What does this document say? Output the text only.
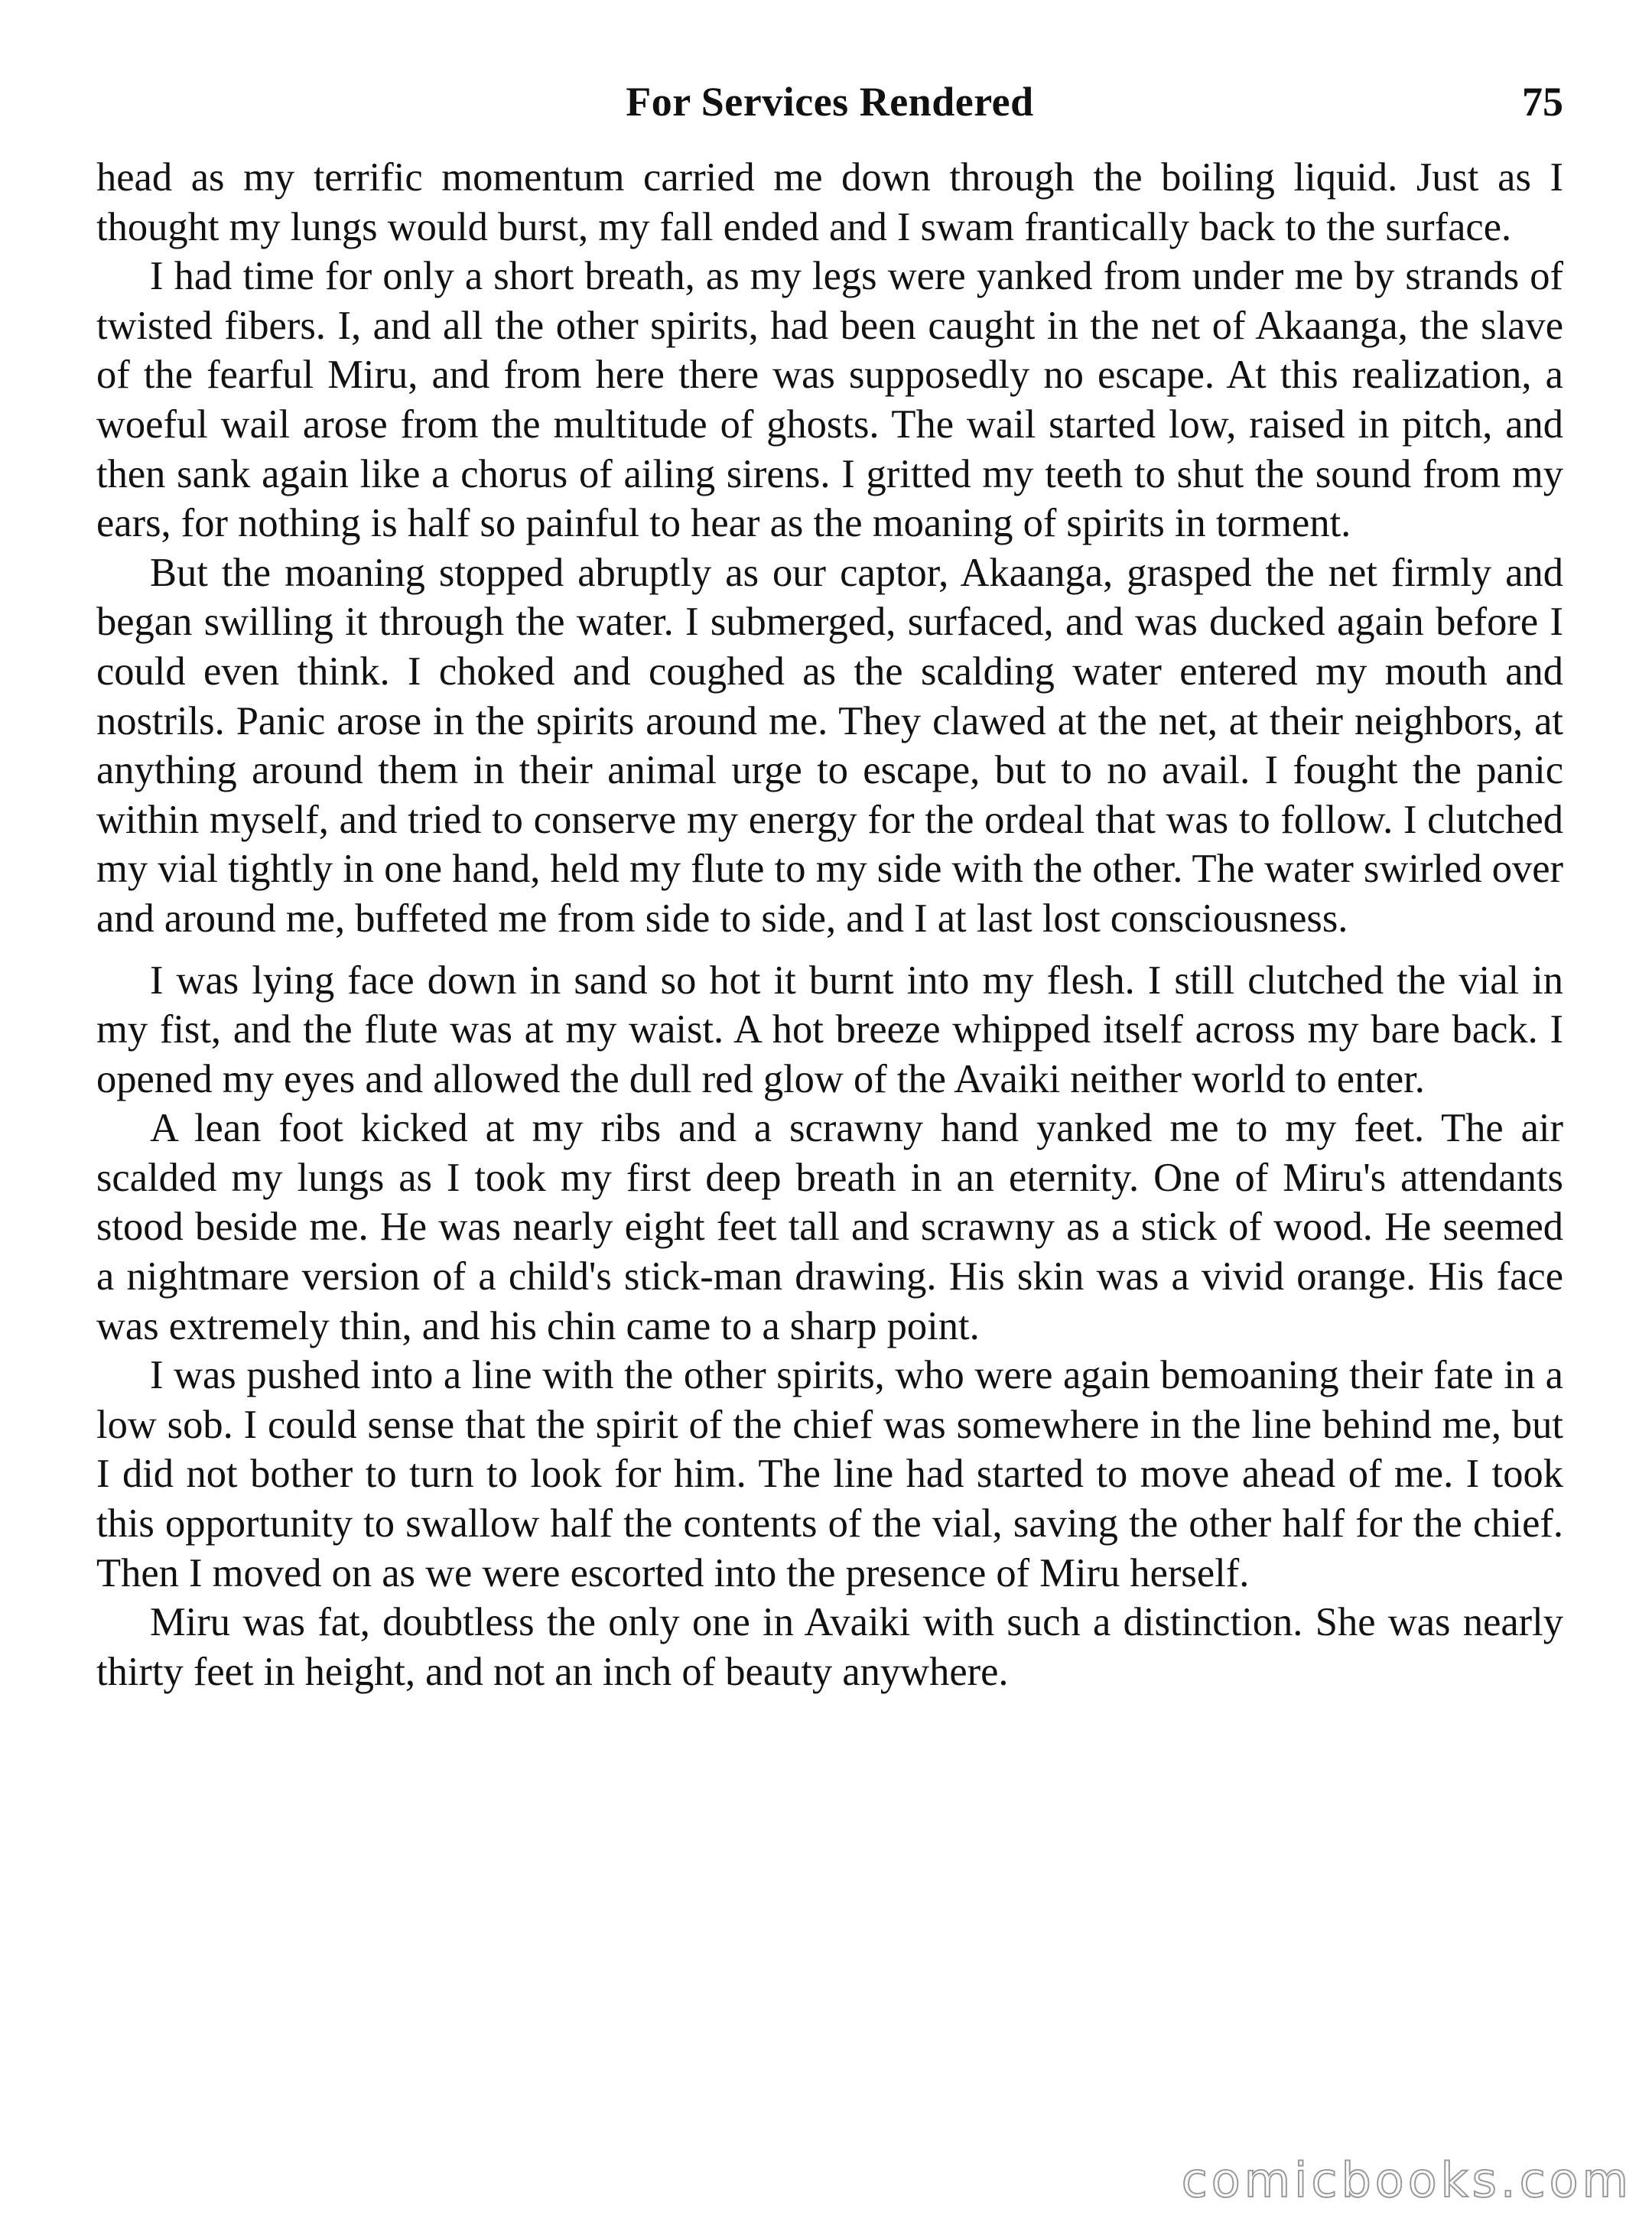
For Services Rendered	75

head as my terrific momentum carried me down through the boiling liquid. Just as I thought my lungs would burst, my fall ended and I swam frantically back to the surface.

I had time for only a short breath, as my legs were yanked from under me by strands of twisted fibers. I, and all the other spirits, had been caught in the net of Akaanga, the slave of the fearful Miru, and from here there was supposedly no escape. At this realization, a woeful wail arose from the multitude of ghosts. The wail started low, raised in pitch, and then sank again like a chorus of ailing sirens. I gritted my teeth to shut the sound from my ears, for nothing is half so painful to hear as the moaning of spirits in torment.

But the moaning stopped abruptly as our captor, Akaanga, grasped the net firmly and began swilling it through the water. I submerged, surfaced, and was ducked again before I could even think. I choked and coughed as the scalding water entered my mouth and nostrils. Panic arose in the spirits around me. They clawed at the net, at their neighbors, at anything around them in their animal urge to escape, but to no avail. I fought the panic within myself, and tried to conserve my energy for the ordeal that was to follow. I clutched my vial tightly in one hand, held my flute to my side with the other. The water swirled over and around me, buffeted me from side to side, and I at last lost consciousness.

I was lying face down in sand so hot it burnt into my flesh. I still clutched the vial in my fist, and the flute was at my waist. A hot breeze whipped itself across my bare back. I opened my eyes and allowed the dull red glow of the Avaiki neither world to enter.

A lean foot kicked at my ribs and a scrawny hand yanked me to my feet. The air scalded my lungs as I took my first deep breath in an eternity. One of Miru's attendants stood beside me. He was nearly eight feet tall and scrawny as a stick of wood. He seemed a nightmare version of a child's stick-man drawing. His skin was a vivid orange. His face was extremely thin, and his chin came to a sharp point.

I was pushed into a line with the other spirits, who were again bemoaning their fate in a low sob. I could sense that the spirit of the chief was somewhere in the line behind me, but I did not bother to turn to look for him. The line had started to move ahead of me. I took this opportunity to swallow half the contents of the vial, saving the other half for the chief. Then I moved on as we were escorted into the presence of Miru herself.

Miru was fat, doubtless the only one in Avaiki with such a distinction. She was nearly thirty feet in height, and not an inch of beauty anywhere.

comicbooks.com
